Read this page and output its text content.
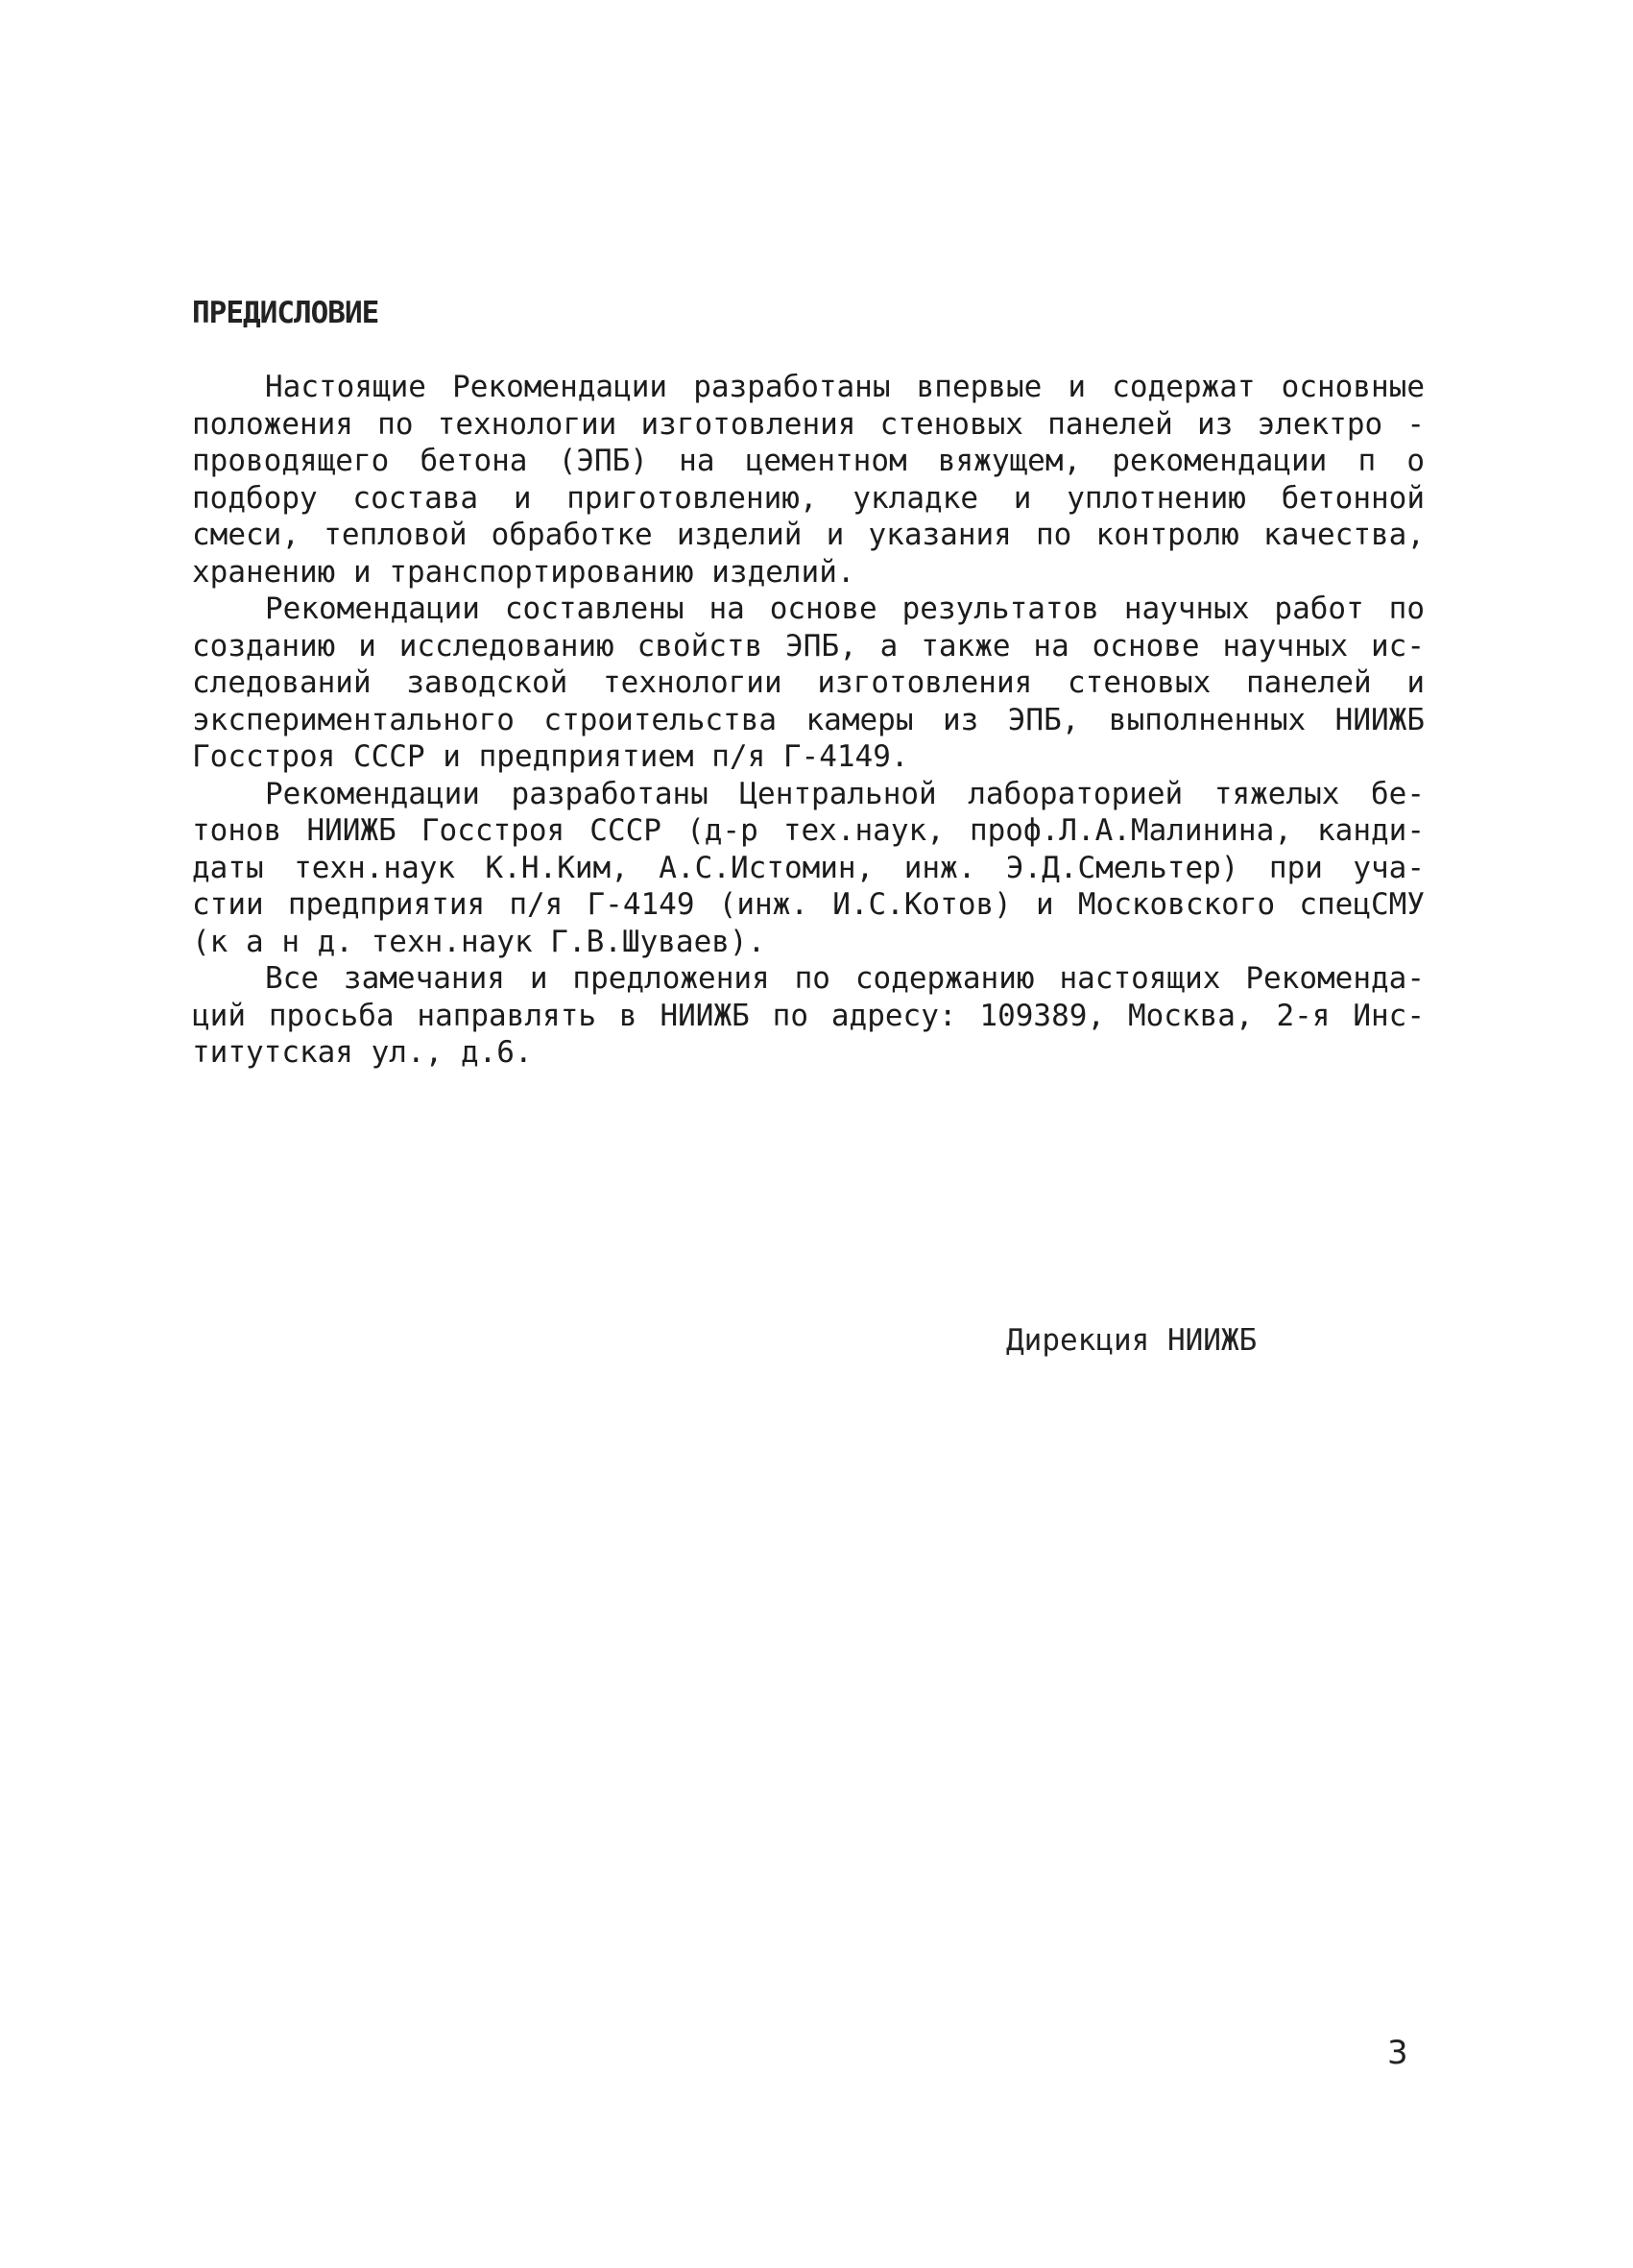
ПРЕДИСЛОВИЕ
Настоящие Рекомендации разработаны впервые и содержат основные
положения по технологии изготовления стеновых панелей из электро -
проводящего бетона (ЭПБ) на цементном вяжущем, рекомендации п о
подбору состава и приготовлению, укладке и уплотнению бетонной
смеси, тепловой обработке изделий и указания по контролю качества,
хранению и транспортированию изделий.
Рекомендации составлены на основе результатов научных работ по
созданию и исследованию свойств ЭПБ, а также на основе научных ис-
следований заводской технологии изготовления стеновых панелей и
экспериментального строительства камеры из ЭПБ, выполненных НИИЖБ
Госстроя СССР и предприятием п/я Г-4149.
Рекомендации разработаны Центральной лабораторией тяжелых бе-
тонов НИИЖБ Госстроя СССР (д-р тех.наук, проф.Л.А.Малинина, канди-
даты техн.наук К.Н.Ким, А.С.Истомин, инж. Э.Д.Смельтер) при уча-
стии предприятия п/я Г-4149 (инж. И.С.Котов) и Московского спецСМУ
(к а н д. техн.наук Г.В.Шуваев).
Все замечания и предложения по содержанию настоящих Рекоменда-
ций просьба направлять в НИИЖБ по адресу: 109389, Москва, 2-я Инс-
титутская ул., д.6.
Дирекция НИИЖБ
3
